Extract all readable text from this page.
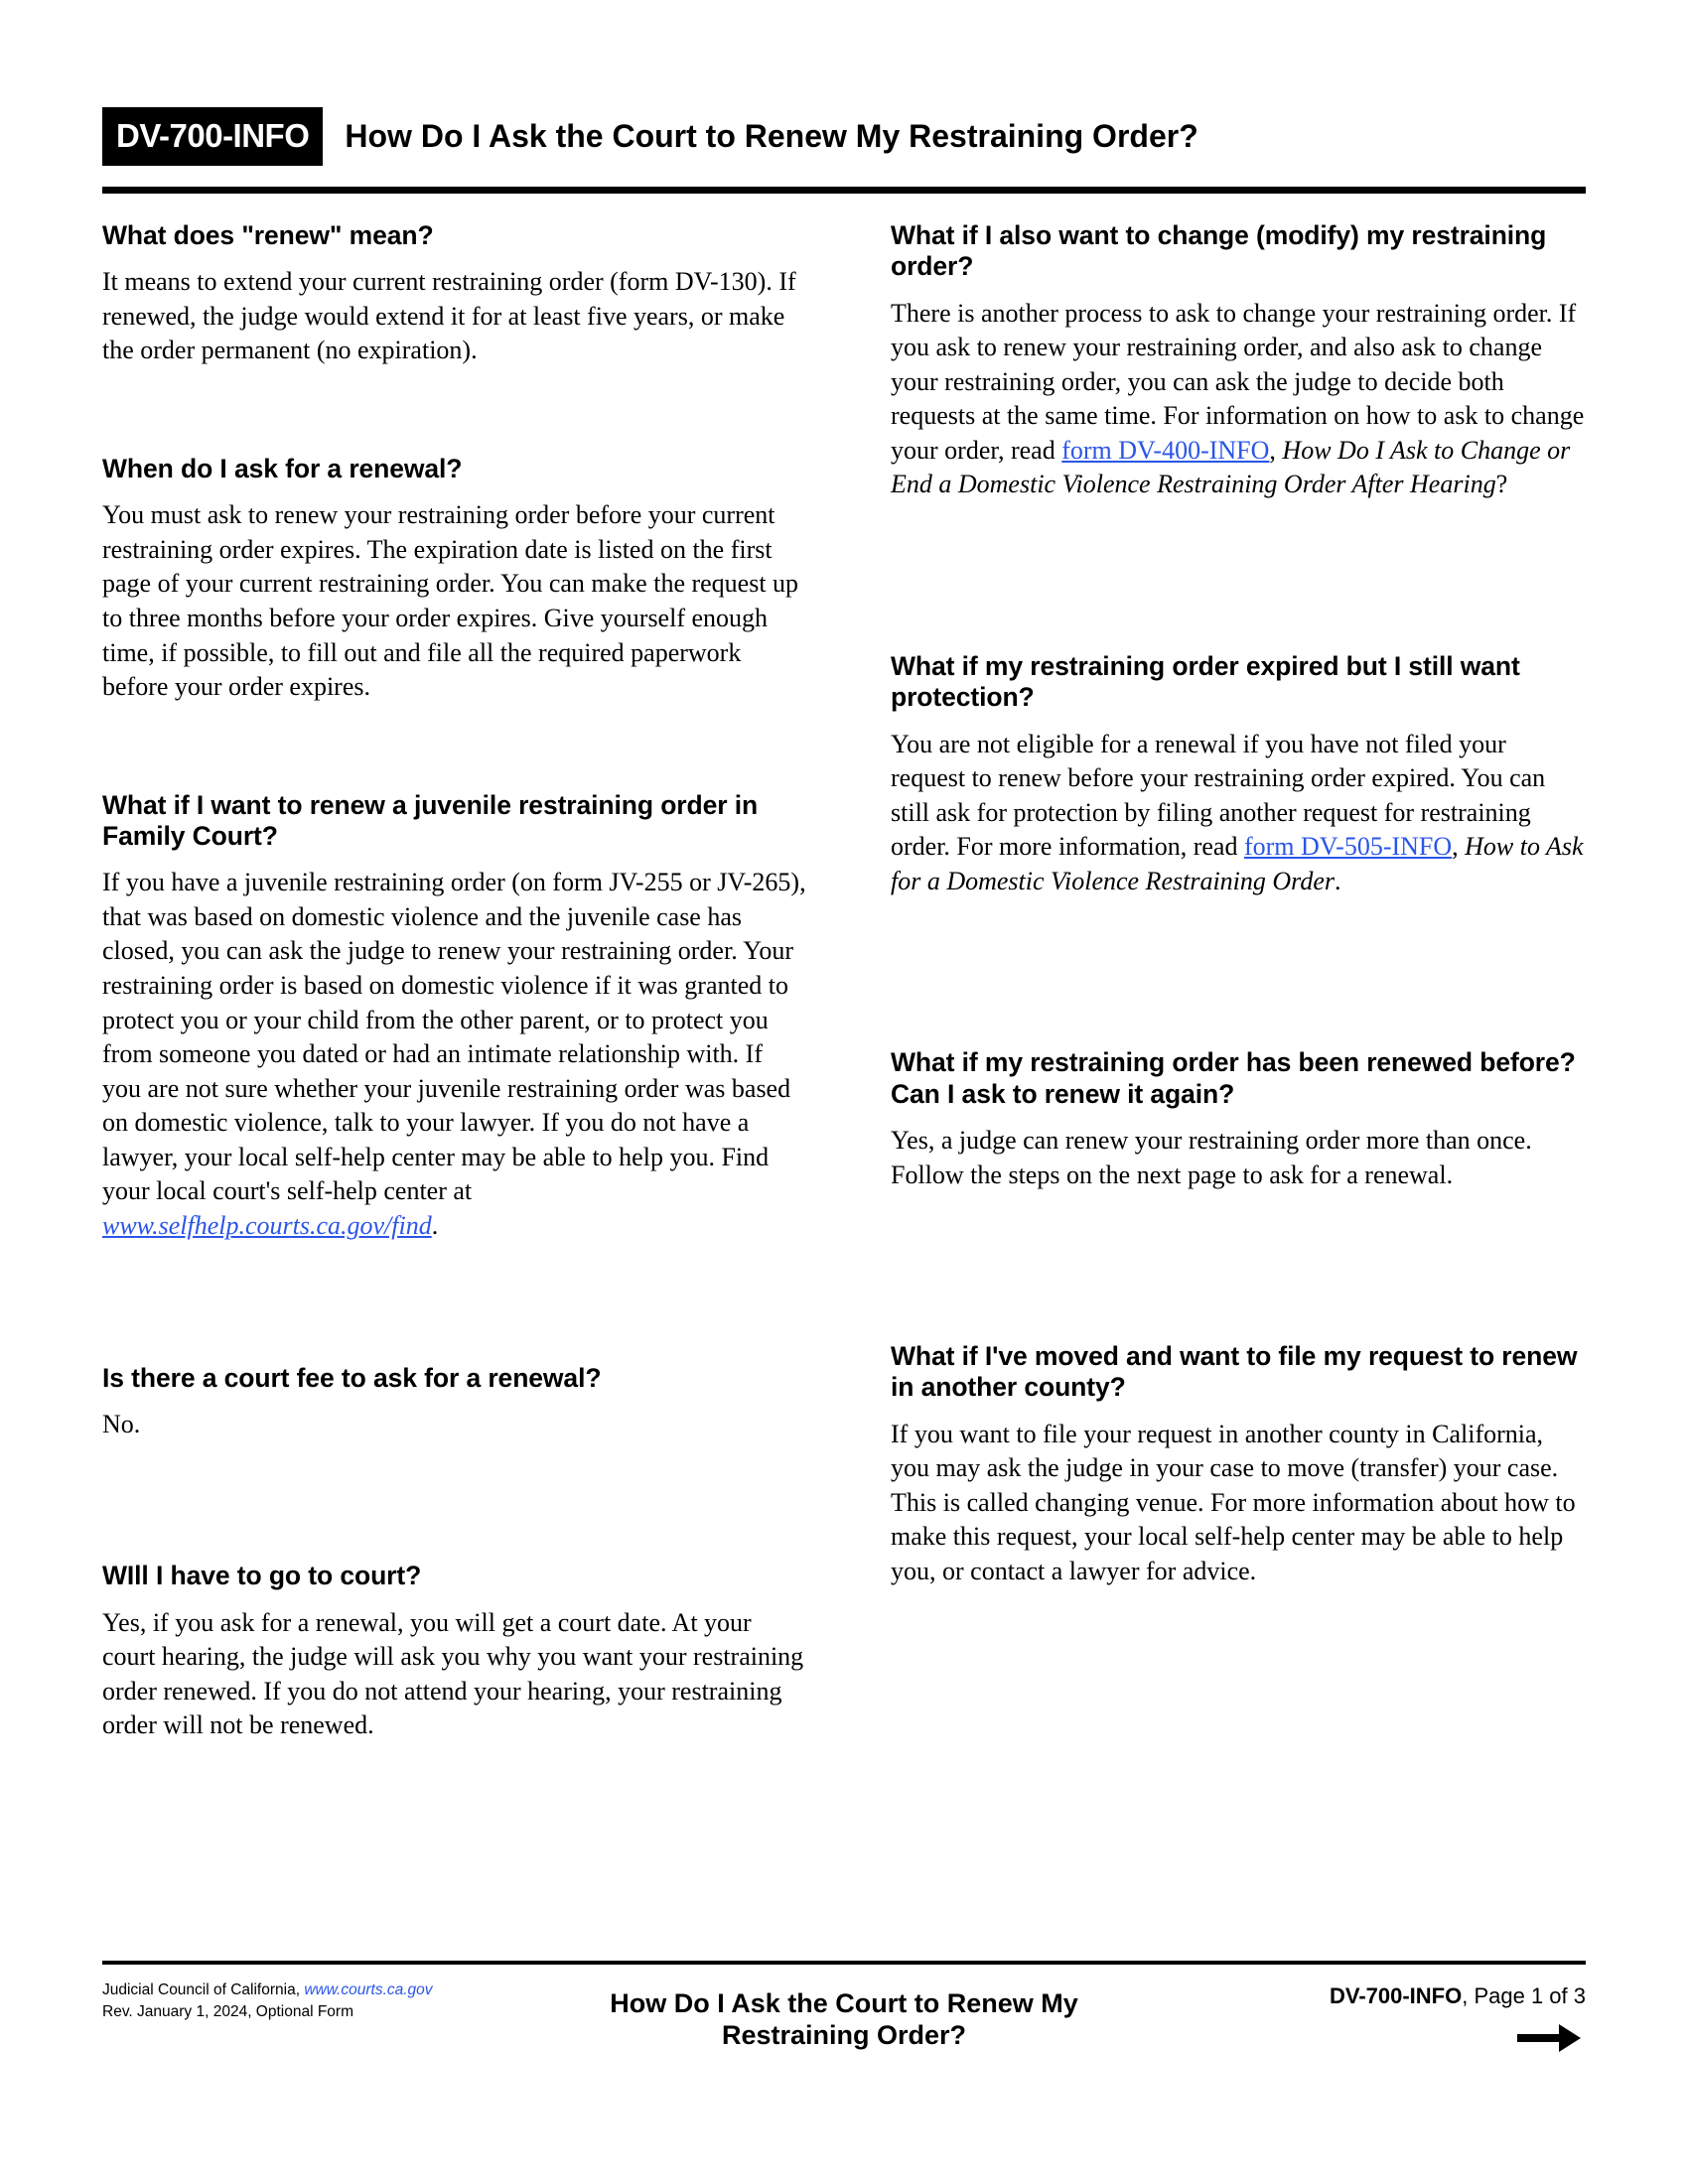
DV-700-INFO	How Do I Ask the Court to Renew My Restraining Order?
What does "renew" mean?

It means to extend your current restraining order (form DV-130). If renewed, the judge would extend it for at least five years, or make the order permanent (no expiration).

When do I ask for a renewal?

You must ask to renew your restraining order before your current restraining order expires. The expiration date is listed on the first page of your current restraining order. You can make the request up to three months before your order expires. Give yourself enough time, if possible, to fill out and file all the required paperwork before your order expires.

What if I want to renew a juvenile restraining order in Family Court?

If you have a juvenile restraining order (on form JV-255 or JV-265), that was based on domestic violence and the juvenile case has closed, you can ask the judge to renew your restraining order. Your restraining order is based on domestic violence if it was granted to protect you or your child from the other parent, or to protect you from someone you dated or had an intimate relationship with. If you are not sure whether your juvenile restraining order was based on domestic violence, talk to your lawyer. If you do not have a lawyer, your local self-help center may be able to help you. Find your local court's self-help center at www.selfhelp.courts.ca.gov/find.

Is there a court fee to ask for a renewal?

No.

WIll I have to go to court?

Yes, if you ask for a renewal, you will get a court date. At your court hearing, the judge will ask you why you want your restraining order renewed. If you do not attend your hearing, your restraining order will not be renewed.

What if I also want to change (modify) my restraining order?

There is another process to ask to change your restraining order. If you ask to renew your restraining order, and also ask to change your restraining order, you can ask the judge to decide both requests at the same time. For information on how to ask to change your order, read form DV-400-INFO, How Do I Ask to Change or End a Domestic Violence Restraining Order After Hearing?

What if my restraining order expired but I still want protection?

You are not eligible for a renewal if you have not filed your request to renew before your restraining order expired. You can still ask for protection by filing another request for restraining order. For more information, read form DV-505-INFO, How to Ask for a Domestic Violence Restraining Order.

What if my restraining order has been renewed before? Can I ask to renew it again?

Yes, a judge can renew your restraining order more than once. Follow the steps on the next page to ask for a renewal.

What if I've moved and want to file my request to renew in another county?

If you want to file your request in another county in California, you may ask the judge in your case to move (transfer) your case. This is called changing venue. For more information about how to make this request, your local self-help center may be able to help you, or contact a lawyer for advice.

Judicial Council of California, www.courts.ca.gov
Rev. January 1, 2024, Optional Form	How Do I Ask the Court to Renew My
Restraining Order?
DV-700-INFO, Page 1 of 3
